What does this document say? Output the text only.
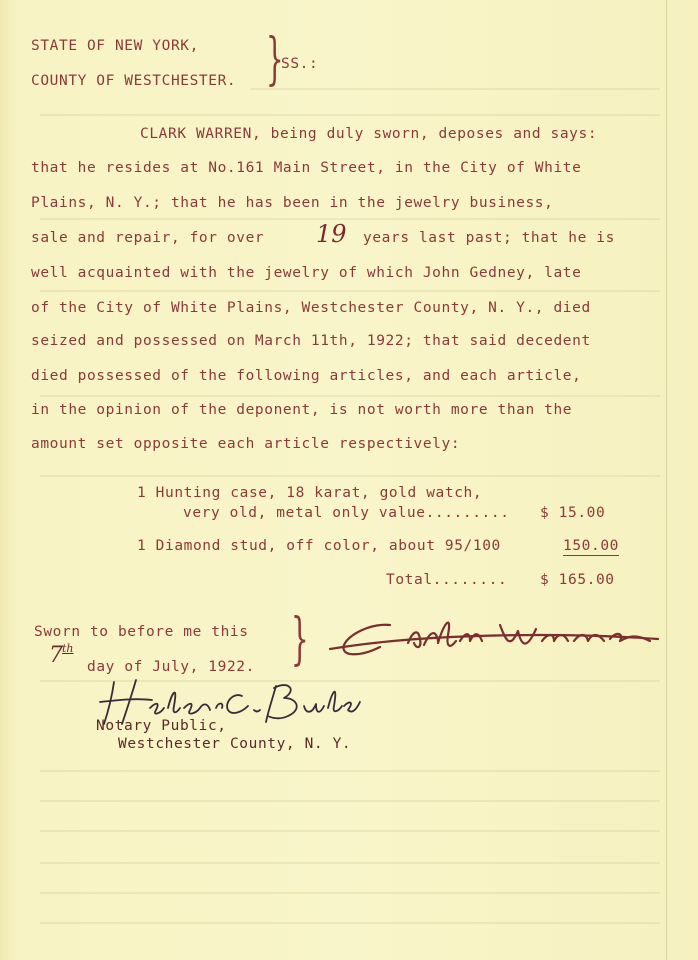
STATE OF NEW YORK,
COUNTY OF WESTCHESTER. }
SS.:
CLARK WARREN, being duly sworn, deposes and says:
that he resides at No.161 Main Street, in the City of White
Plains, N. Y.; that he has been in the jewelry business,
sale and repair, for over 19 years last past; that he is
well acquainted with the jewelry of which John Gedney, late
of the City of White Plains, Westchester County, N. Y., died
seized and possessed on March 11th, 1922; that said decedent
died possessed of the following articles, and each article,
in the opinion of the deponent, is not worth more than the
amount set opposite each article respectively:
1 Hunting case, 18 karat, gold watch,
very old, metal only value......... $ 15.00
1 Diamond stud, off color, about 95/100	150.00
Total........ $ 165.00
Sworn to before me this
7 th
day of July, 1922. }
Notary Public,
Westchester County, N. Y.
